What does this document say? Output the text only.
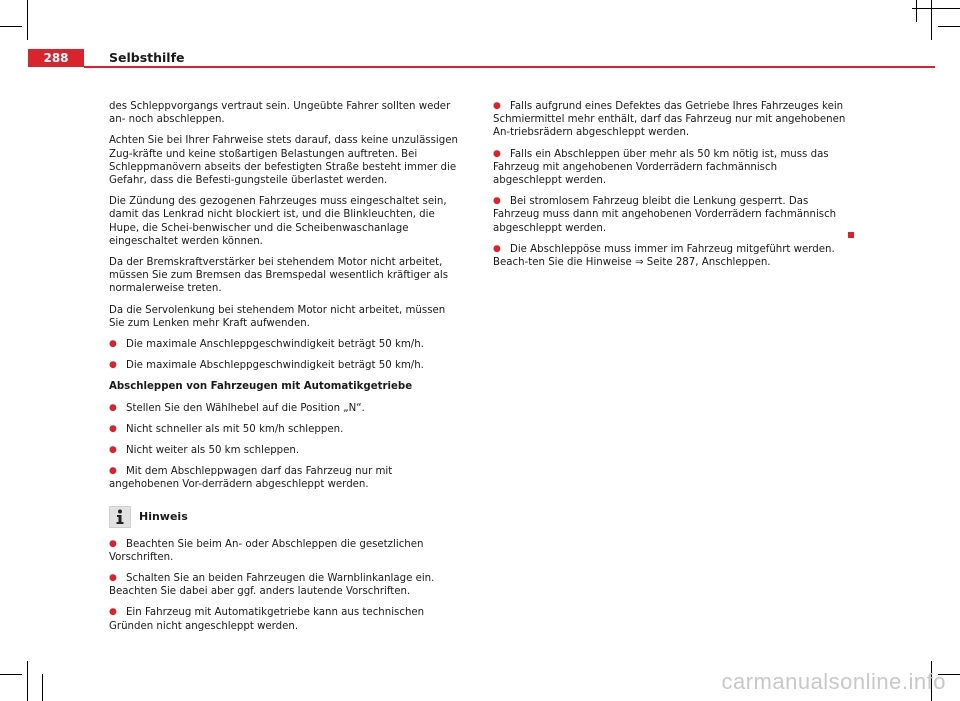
288	Selbsthilfe

des Schleppvorgangs vertraut sein. Ungeübte Fahrer sollten weder an- noch abschleppen.

Achten Sie bei Ihrer Fahrweise stets darauf, dass keine unzulässigen Zug-kräfte und keine stoßartigen Belastungen auftreten. Bei Schleppmanövern abseits der befestigten Straße besteht immer die Gefahr, dass die Befesti-gungsteile überlastet werden.

Die Zündung des gezogenen Fahrzeuges muss eingeschaltet sein, damit das Lenkrad nicht blockiert ist, und die Blinkleuchten, die Hupe, die Schei-benwischer und die Scheibenwaschanlage eingeschaltet werden können.

Da der Bremskraftverstärker bei stehendem Motor nicht arbeitet, müssen Sie zum Bremsen das Bremspedal wesentlich kräftiger als normalerweise treten.

Da die Servolenkung bei stehendem Motor nicht arbeitet, müssen Sie zum Lenken mehr Kraft aufwenden.

● Die maximale Anschleppgeschwindigkeit beträgt 50 km/h.
● Die maximale Abschleppgeschwindigkeit beträgt 50 km/h.
Abschleppen von Fahrzeugen mit Automatikgetriebe
● Stellen Sie den Wählhebel auf die Position „N“.
● Nicht schneller als mit 50 km/h schleppen.
● Nicht weiter als 50 km schleppen.
● Mit dem Abschleppwagen darf das Fahrzeug nur mit angehobenen Vor-derrädern abgeschleppt werden.
Hinweis
● Beachten Sie beim An- oder Abschleppen die gesetzlichen Vorschriften.
● Schalten Sie an beiden Fahrzeugen die Warnblinkanlage ein. Beachten Sie dabei aber ggf. anders lautende Vorschriften.
● Ein Fahrzeug mit Automatikgetriebe kann aus technischen Gründen nicht angeschleppt werden.
● Falls aufgrund eines Defektes das Getriebe Ihres Fahrzeuges kein Schmiermittel mehr enthält, darf das Fahrzeug nur mit angehobenen An-triebsrädern abgeschleppt werden.
● Falls ein Abschleppen über mehr als 50 km nötig ist, muss das Fahrzeug mit angehobenen Vorderrädern fachmännisch abgeschleppt werden.
● Bei stromlosem Fahrzeug bleibt die Lenkung gesperrt. Das Fahrzeug muss dann mit angehobenen Vorderrädern fachmännisch abgeschleppt werden.
● Die Abschleppöse muss immer im Fahrzeug mitgeführt werden. Beach-ten Sie die Hinweise ⇒ Seite 287, Anschleppen.
carmanualsonline.info
